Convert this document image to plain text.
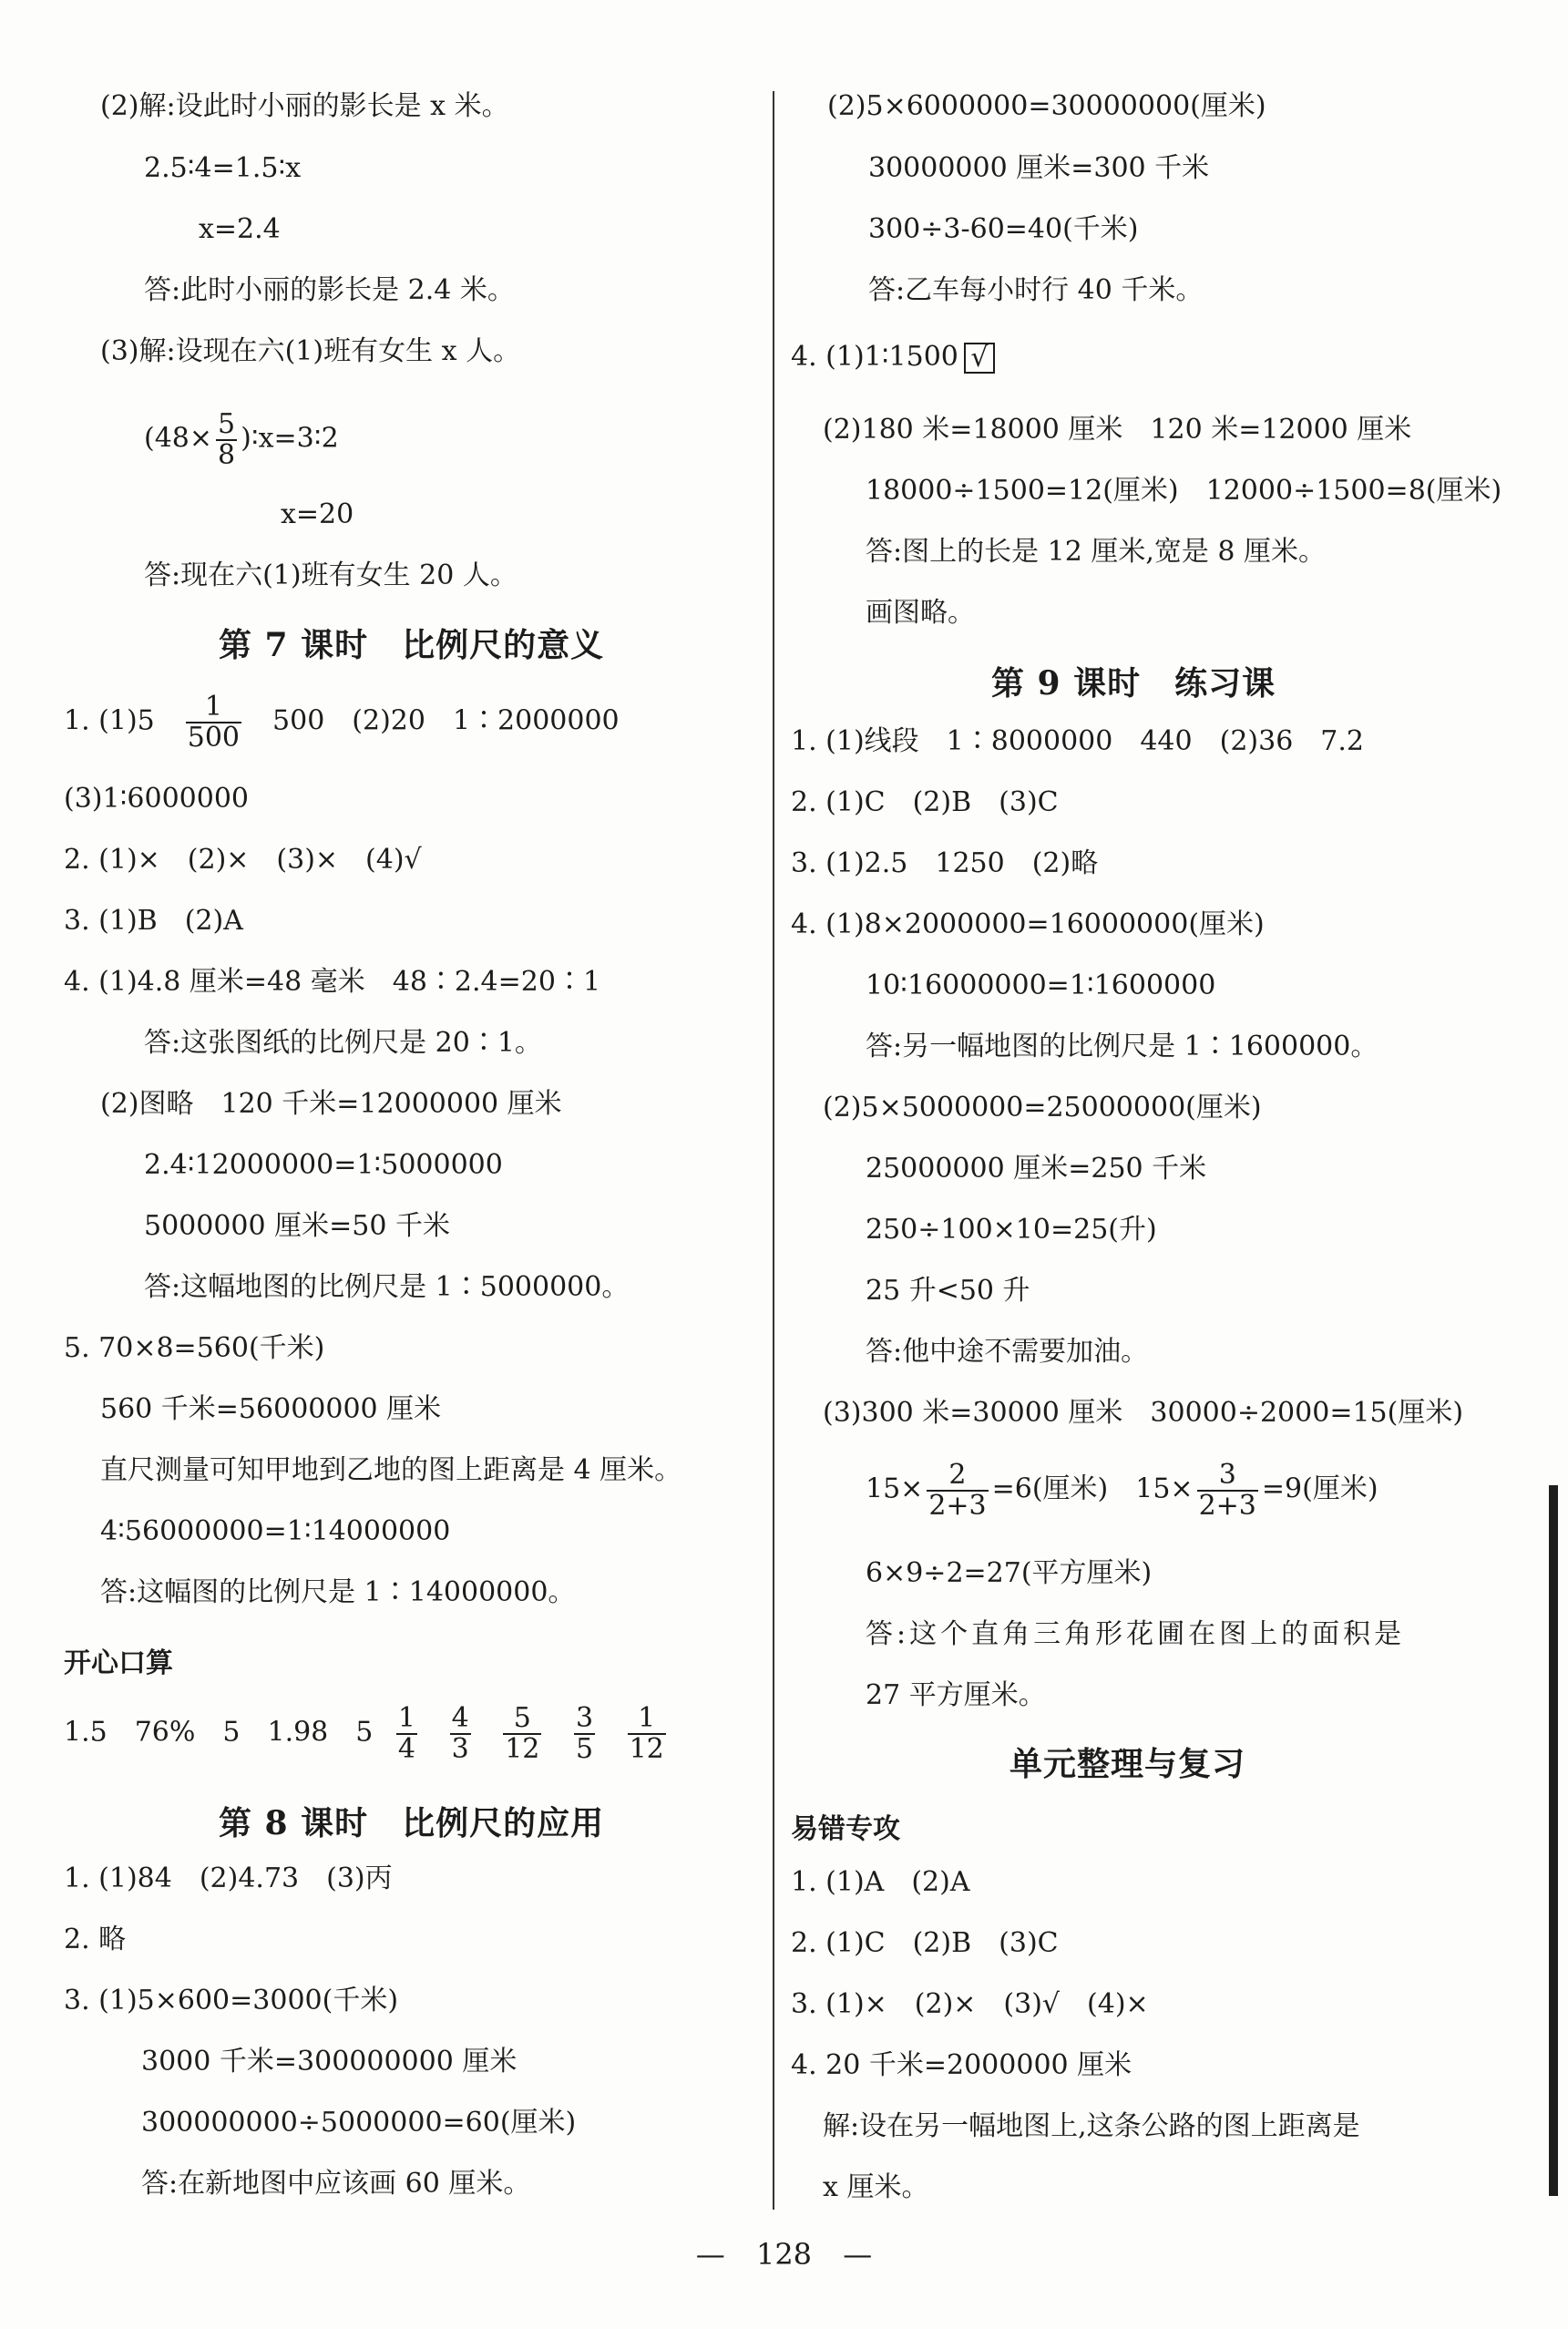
(2)解:设此时小丽的影长是 x 米。
2.5∶4=1.5∶x
x=2.4
答:此时小丽的影长是 2.4 米。
(3)解:设现在六(1)班有女生 x 人。
($48\times \frac{5}{8}$ )∶x=3∶2
x=20
答:现在六(1)班有女生 20 人。
第 7 课时　比例尺的意义
1. (1)5　 $\frac{1}{500}$
　 500　(2)20　1∶2000000
(3)1∶6000000
2. (1)×　(2)×　(3)×　(4)√
3. (1)B　(2)A
4. (1)4.8 厘米=48 毫米　48∶2.4=20∶1
答:这张图纸的比例尺是 20∶1。
(2)图略　120 千米=12000000 厘米
2.4∶12000000=1∶5000000
5000000 厘米=50 千米
答:这幅地图的比例尺是 1∶5000000。
5. 70×8=560(千米)
560 千米=56000000 厘米
直尺测量可知甲地到乙地的图上距离是 4 厘米。
4∶56000000=1∶14000000
答:这幅图的比例尺是 1∶14000000。
开心口算
1.5　76%　5　1.98　$5 \frac{1}{4}$
$\frac{4}{3}$
$\frac{5}{12}$
$\frac{3}{5}$
$\frac{1}{12}$
第 8 课时　比例尺的应用
1. (1)84　(2)4.73　(3)丙
2. 略
3. (1)5×600=3000(千米)
3000 千米=300000000 厘米
300000000÷5000000=60(厘米)
答:在新地图中应该画 60 厘米。
(2)5×6000000=30000000(厘米)
30000000 厘米=300 千米
300÷3-60=40(千米)
答:乙车每小时行 40 千米。
4. (1)1∶1500 √
(2)180 米=18000 厘米　120 米=12000 厘米
18000÷1500=12(厘米)　12000÷1500=8(厘米)
答:图上的长是 12 厘米,宽是 8 厘米。
画图略。
第 9 课时　练习课
1. (1)线段　1∶8000000　440　(2)36　7.2
2. (1)C　(2)B　(3)C
3. (1)2.5　1250　(2)略
4. (1)8×2000000=16000000(厘米)
10∶16000000=1∶1600000
答:另一幅地图的比例尺是 1∶1600000。
(2)5×5000000=25000000(厘米)
25000000 厘米=250 千米
250÷100×10=25(升)
25 升<50 升
答:他中途不需要加油。
(3)300 米=30000 厘米　30000÷2000=15(厘米)
$15\times \frac{2}{2+3} =6$(厘米)　$15\times \frac{3}{2+3} =9$(厘米)
6×9÷2=27(平方厘米)
答:这个直角三角形花圃在图上的面积是
27 平方厘米。
单元整理与复习
易错专攻
1. (1)A　(2)A
2. (1)C　(2)B　(3)C
3. (1)×　(2)×　(3)√　(4)×
4. 20 千米=2000000 厘米
解:设在另一幅地图上,这条公路的图上距离是
x 厘米。
— 128 —
